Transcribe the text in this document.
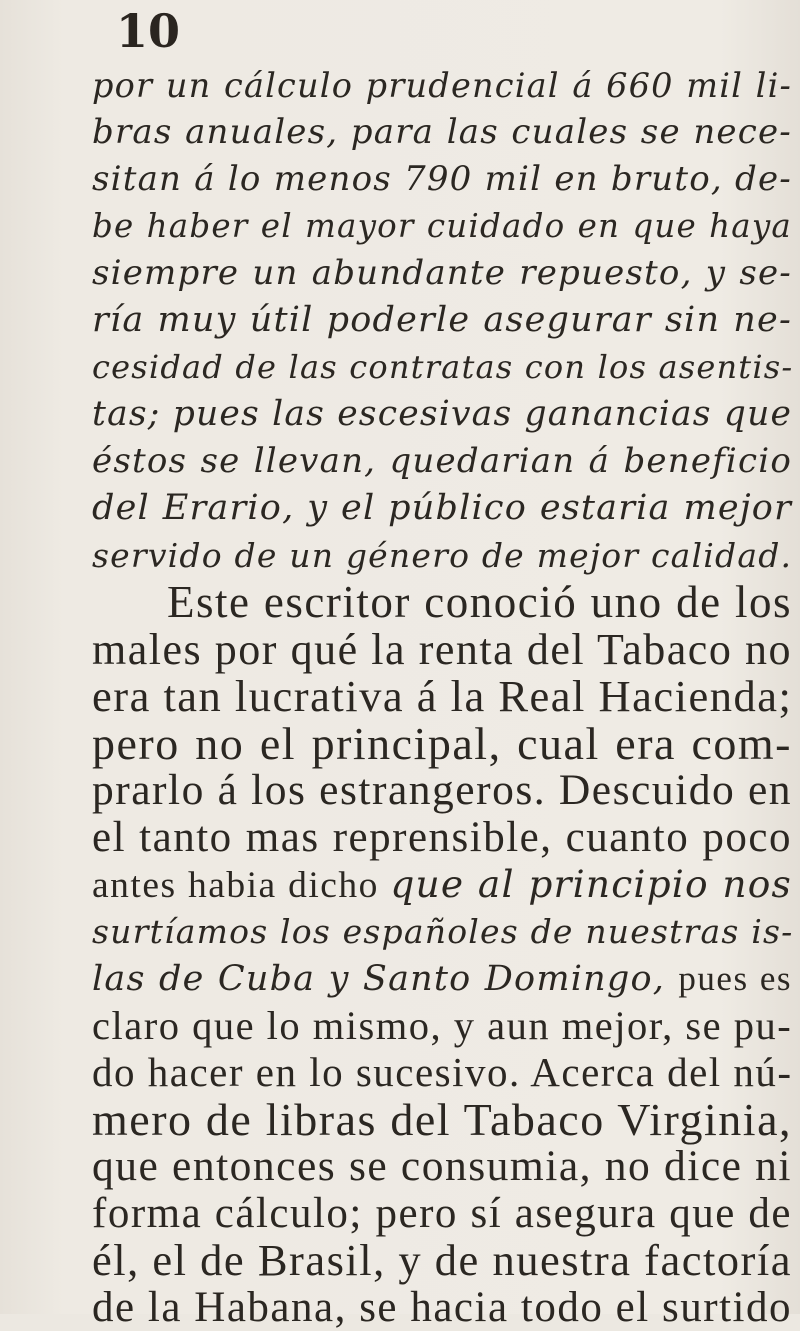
10
por un cálculo prudencial á 660 mil li-
bras anuales, para las cuales se nece-
sitan á lo menos 790 mil en bruto, de-
be haber el mayor cuidado en que haya
siempre un abundante repuesto, y se-
ría muy útil poderle asegurar sin ne-
cesidad de las contratas con los asentis-
tas; pues las escesivas ganancias que
éstos se llevan, quedarian á beneficio
del Erario, y el público estaria mejor
servido de un género de mejor calidad.
Este escritor conoció uno de los
males por qué la renta del Tabaco no
era tan lucrativa á la Real Hacienda;
pero no el principal, cual era com-
prarlo á los estrangeros. Descuido en
el tanto mas reprensible, cuanto poco
antes habia dicho que al principio nos
surtíamos los españoles de nuestras is-
las de Cuba y Santo Domingo, pues es
claro que lo mismo, y aun mejor, se pu-
do hacer en lo sucesivo. Acerca del nú-
mero de libras del Tabaco Virginia,
que entonces se consumia, no dice ni
forma cálculo; pero sí asegura que de
él, el de Brasil, y de nuestra factoría
de la Habana, se hacia todo el surtido
